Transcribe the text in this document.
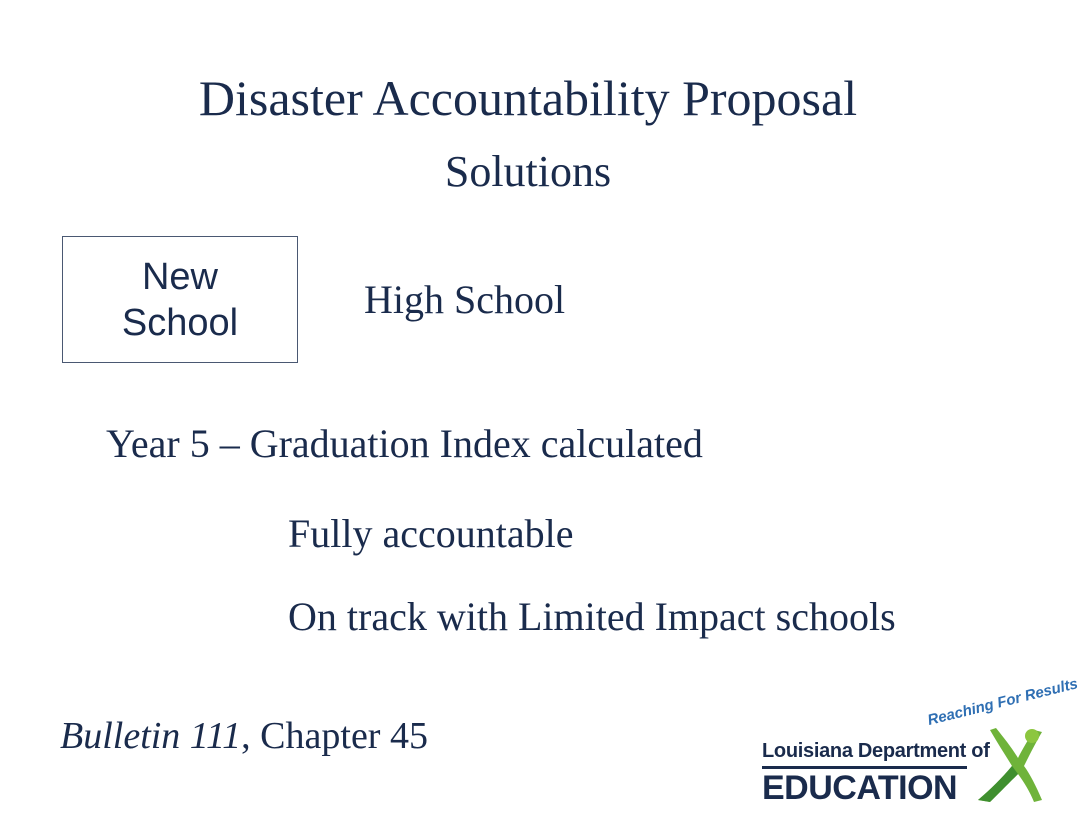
Disaster Accountability Proposal
Solutions
New
School
High School
Year 5 – Graduation Index calculated
Fully accountable
On track with Limited Impact schools
Bulletin 111, Chapter 45
Reaching For Results
Louisiana Department of
EDUCATION
